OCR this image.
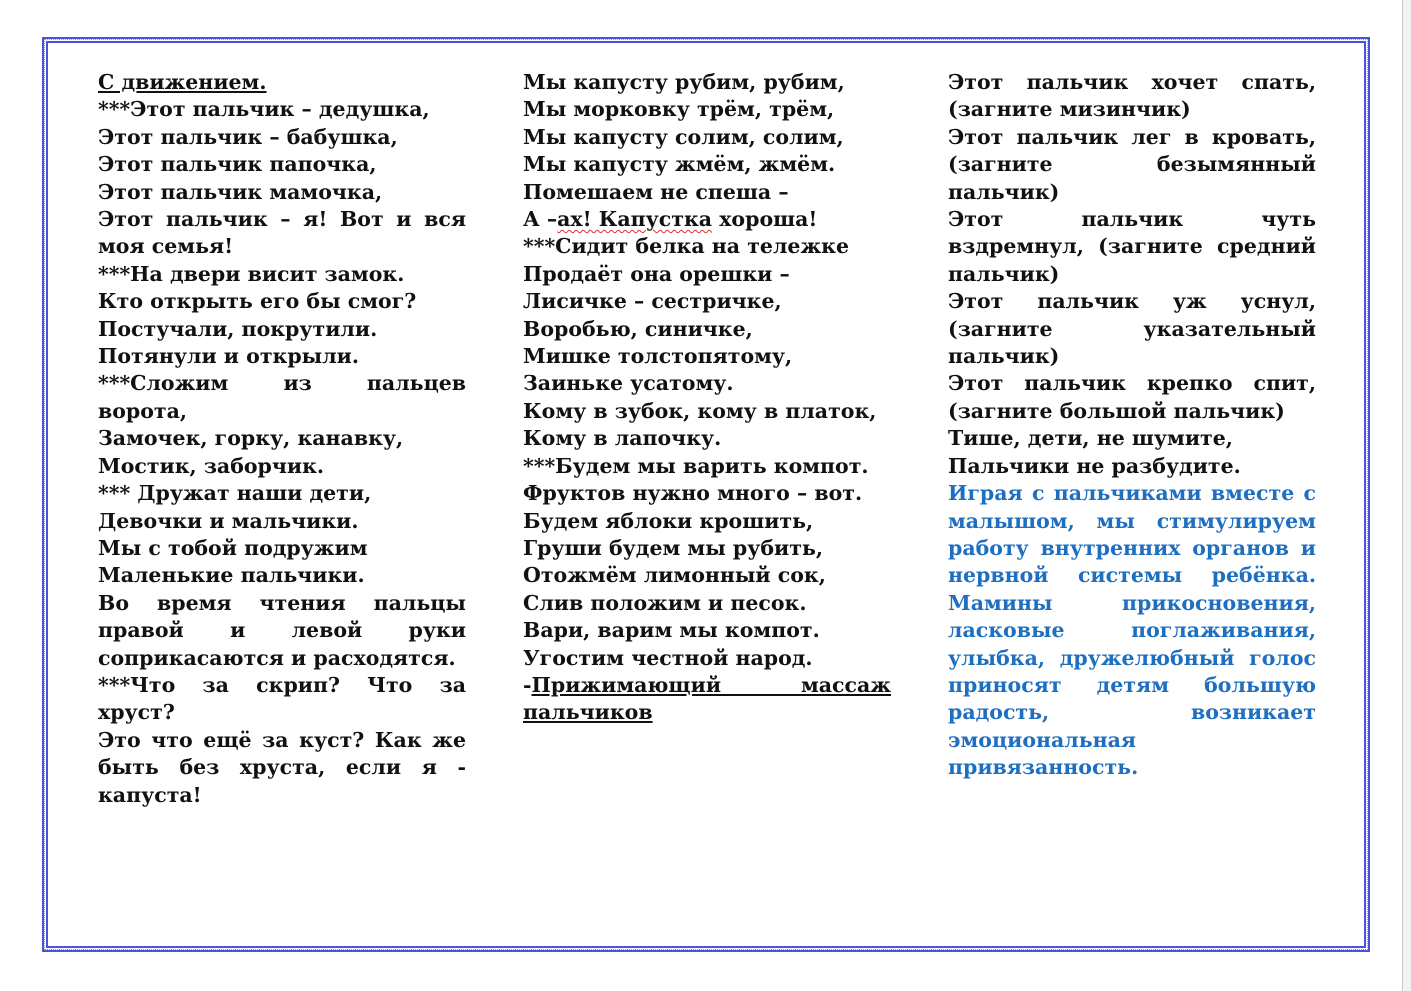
С движением.

***Этот пальчик – дедушка,

Этот пальчик – бабушка,

Этот пальчик папочка,

Этот пальчик мамочка,

Этот пальчик – я! Вот и вся моя семья!

***На двери висит замок.

Кто открыть его бы смог?

Постучали, покрутили.

Потянули и открыли.

***Сложим из пальцев ворота,

Замочек, горку, канавку,

Мостик, заборчик.

*** Дружат наши дети,

Девочки и мальчики.

Мы с тобой подружим

Маленькие пальчики.

Во время чтения пальцы правой и левой руки соприкасаются и расходятся.

***Что за скрип? Что за хруст?

Это что ещё за куст? Как же быть без хруста, если я - капуста!

Мы капусту рубим, рубим,

Мы морковку трём, трём,

Мы капусту солим, солим,

Мы капусту жмём, жмём.

Помешаем не спеша –

А –ах! Капустка хороша!

***Сидит белка на тележке

Продаёт она орешки –

Лисичке – сестричке,

Воробью, синичке,

Мишке толстопятому,

Заиньке усатому.

Кому в зубок, кому в платок,

Кому в лапочку.

***Будем мы варить компот.

Фруктов нужно много – вот.

Будем яблоки крошить,

Груши будем мы рубить,

Отожмём лимонный сок,

Слив положим и песок.

Вари, варим мы компот.

Угостим честной народ.

-Прижимающий массаж пальчиков

Этот пальчик хочет спать, (загните мизинчик)

Этот пальчик лег в кровать, (загните безымянный пальчик)

Этот пальчик чуть вздремнул, (загните средний пальчик)

Этот пальчик уж уснул, (загните указательный пальчик)

Этот пальчик крепко спит, (загните большой пальчик)

Тише, дети, не шумите,

Пальчики не разбудите.

Играя с пальчиками вместе с малышом, мы стимулируем работу внутренних органов и нервной системы ребёнка. Мамины прикосновения, ласковые поглаживания, улыбка, дружелюбный голос приносят детям большую радость, возникает эмоциональная привязанность.
